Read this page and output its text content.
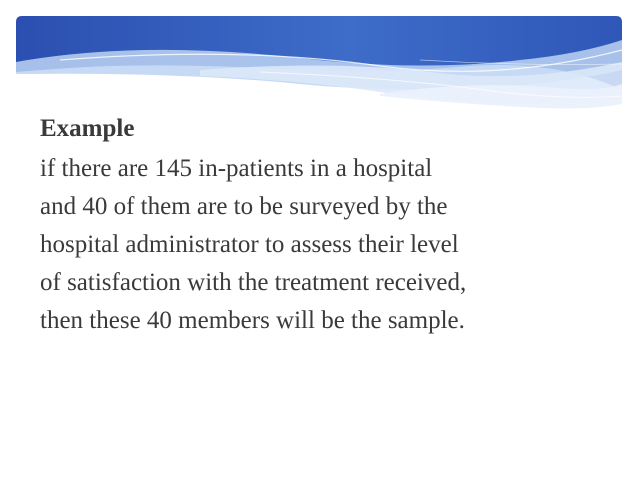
Example

if there are 145 in-patients in a hospital
and 40 of them are to be surveyed by the
hospital administrator to assess their level
of satisfaction with the treatment received,
then these 40 members will be the sample.
